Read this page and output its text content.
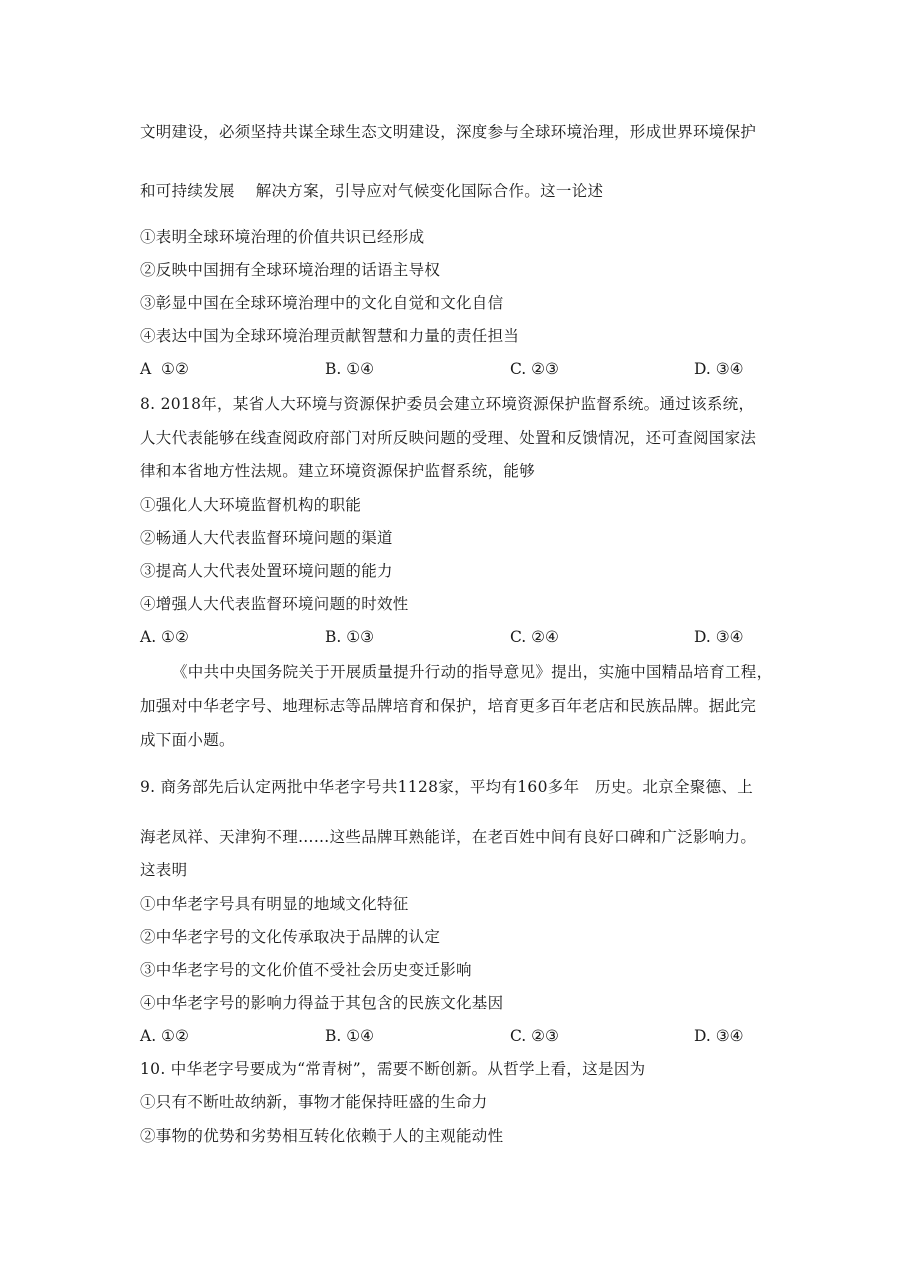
文明建设，必须坚持共谋全球生态文明建设，深度参与全球环境治理，形成世界环境保护
和可持续发展    解决方案，引导应对气候变化国际合作。这一论述
①表明全球环境治理的价值共识已经形成
②反映中国拥有全球环境治理的话语主导权
③彰显中国在全球环境治理中的文化自觉和文化自信
④表达中国为全球环境治理贡献智慧和力量的责任担当
A  ①②	B. ①④	C. ②③	D. ③④
8. 2018年，某省人大环境与资源保护委员会建立环境资源保护监督系统。通过该系统，
人大代表能够在线查阅政府部门对所反映问题的受理、处置和反馈情况，还可查阅国家法
律和本省地方性法规。建立环境资源保护监督系统，能够
①强化人大环境监督机构的职能
②畅通人大代表监督环境问题的渠道
③提高人大代表处置环境问题的能力
④增强人大代表监督环境问题的时效性
A. ①②	B. ①③	C. ②④	D. ③④
《中共中央国务院关于开展质量提升行动的指导意见》提出，实施中国精品培育工程，
加强对中华老字号、地理标志等品牌培育和保护，培育更多百年老店和民族品牌。据此完
成下面小题。
9. 商务部先后认定两批中华老字号共1128家，平均有160多年   历史。北京全聚德、上
海老凤祥、天津狗不理……这些品牌耳熟能详，在老百姓中间有良好口碑和广泛影响力。
这表明
①中华老字号具有明显的地域文化特征
②中华老字号的文化传承取决于品牌的认定
③中华老字号的文化价值不受社会历史变迁影响
④中华老字号的影响力得益于其包含的民族文化基因
A. ①②	B. ①④	C. ②③	D. ③④
10. 中华老字号要成为“常青树”，需要不断创新。从哲学上看，这是因为
①只有不断吐故纳新，事物才能保持旺盛的生命力
②事物的优势和劣势相互转化依赖于人的主观能动性
